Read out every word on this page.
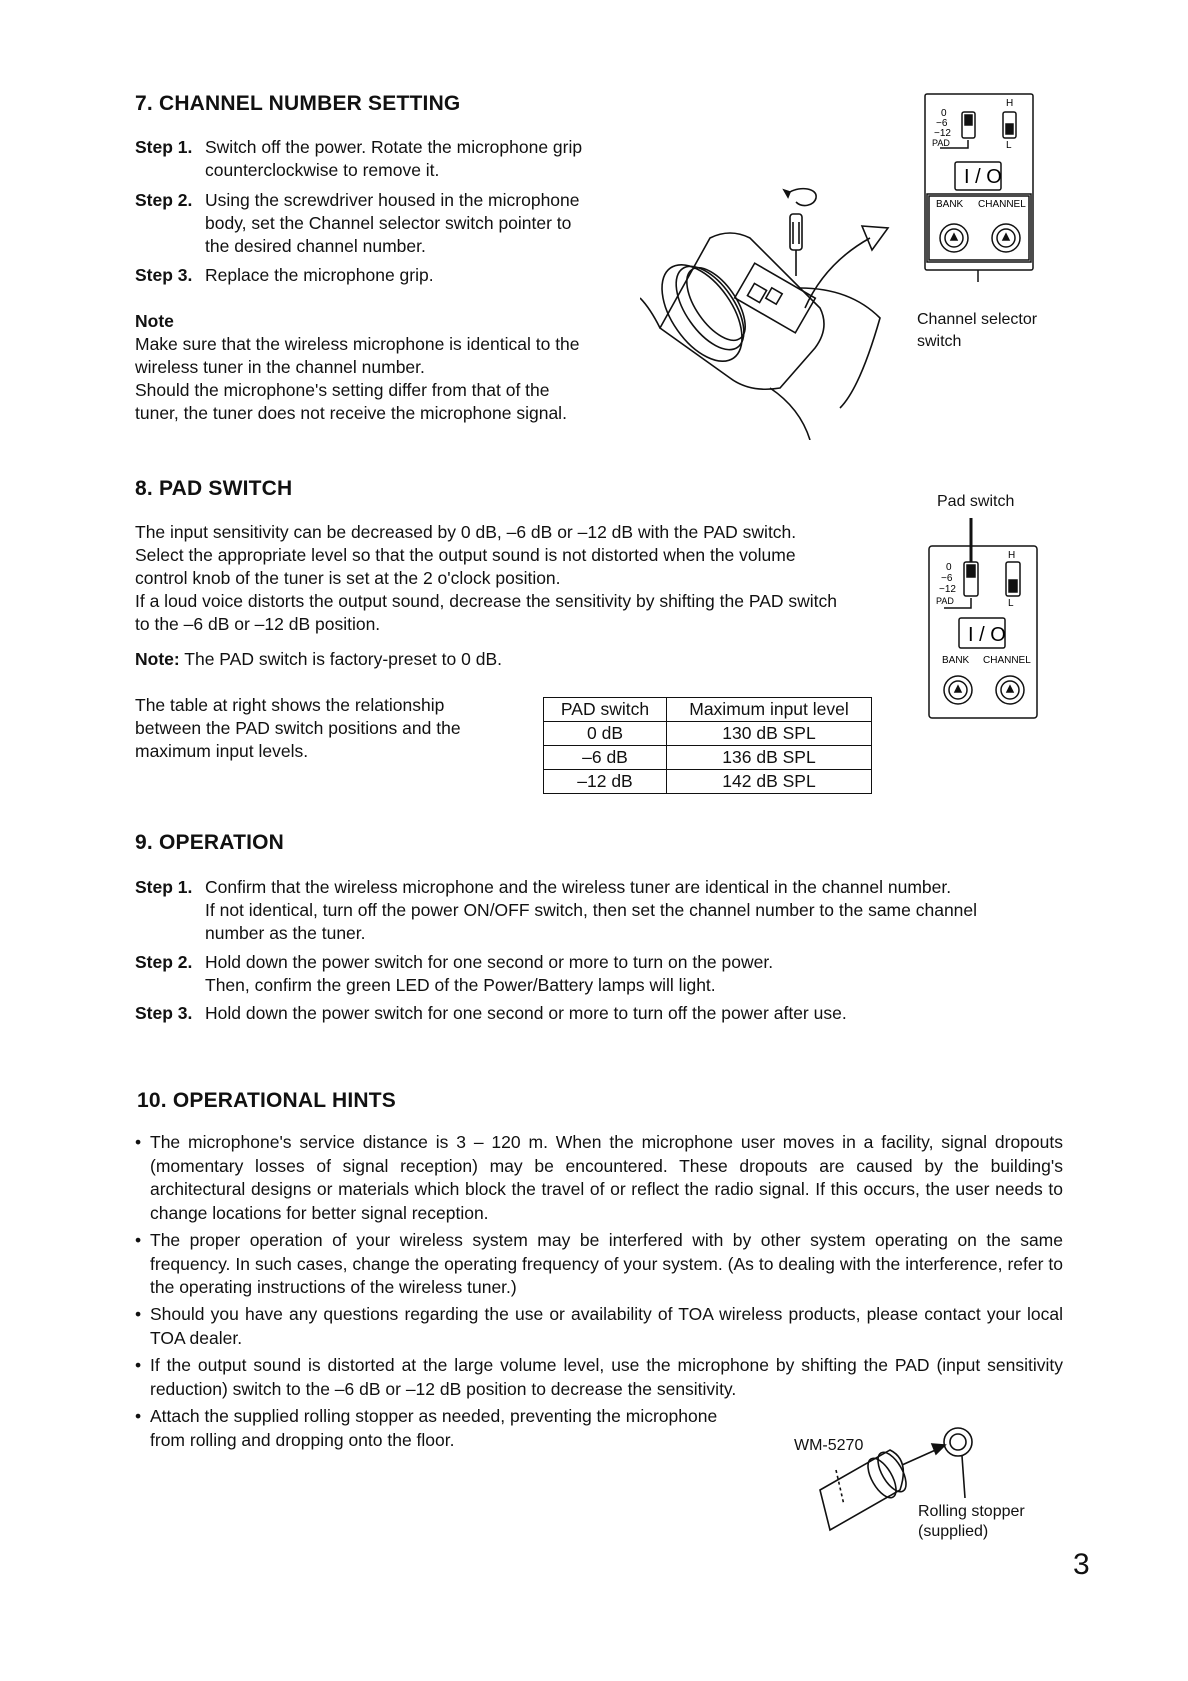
7. CHANNEL NUMBER SETTING
Step 1. Switch off the power. Rotate the microphone grip
counterclockwise to remove it.
Step 2. Using the screwdriver housed in the microphone
body, set the Channel selector switch pointer to
the desired channel number.
Step 3. Replace the microphone grip.
Note
Make sure that the wireless microphone is identical to the
wireless tuner in the channel number.
Should the microphone's setting differ from that of the
tuner, the tuner does not receive the microphone signal.
H
0
−6
−12
PAD	L
I / O
BANK CHANNEL
Channel selector
switch
8. PAD SWITCH
The input sensitivity can be decreased by 0 dB, –6 dB or –12 dB with the PAD switch.
Select the appropriate level so that the output sound is not distorted when the volume
control knob of the tuner is set at the 2 o'clock position.
If a loud voice distorts the output sound, decrease the sensitivity by shifting the PAD switch
to the –6 dB or –12 dB position.
Note: The PAD switch is factory-preset to 0 dB.
The table at right shows the relationship
between the PAD switch positions and the
maximum input levels.
PAD switch	Maximum input level
0 dB	130 dB SPL
–6 dB	136 dB SPL
–12 dB	142 dB SPL
Pad switch
H
0
−6
−12
PAD	L
I / O
BANK CHANNEL
9. OPERATION
Step 1. Confirm that the wireless microphone and the wireless tuner are identical in the channel number.
If not identical, turn off the power ON/OFF switch, then set the channel number to the same channel
number as the tuner.
Step 2. Hold down the power switch for one second or more to turn on the power.
Then, confirm the green LED of the Power/Battery lamps will light.
Step 3. Hold down the power switch for one second or more to turn off the power after use.
10. OPERATIONAL HINTS
• The microphone's service distance is 3 – 120 m. When the microphone user moves in a facility, signal dropouts (momentary losses of signal reception) may be encountered. These dropouts are caused by the building's architectural designs or materials which block the travel of or reflect the radio signal. If this occurs, the user needs to change locations for better signal reception.
• The proper operation of your wireless system may be interfered with by other system operating on the same frequency. In such cases, change the operating frequency of your system. (As to dealing with the interference, refer to the operating instructions of the wireless tuner.)
• Should you have any questions regarding the use or availability of TOA wireless products, please contact your local TOA dealer.
• If the output sound is distorted at the large volume level, use the microphone by shifting the PAD (input sensitivity reduction) switch to the –6 dB or –12 dB position to decrease the sensitivity.
• Attach the supplied rolling stopper as needed, preventing the microphone
from rolling and dropping onto the floor.	WM-5270
Rolling stopper
(supplied)
3
